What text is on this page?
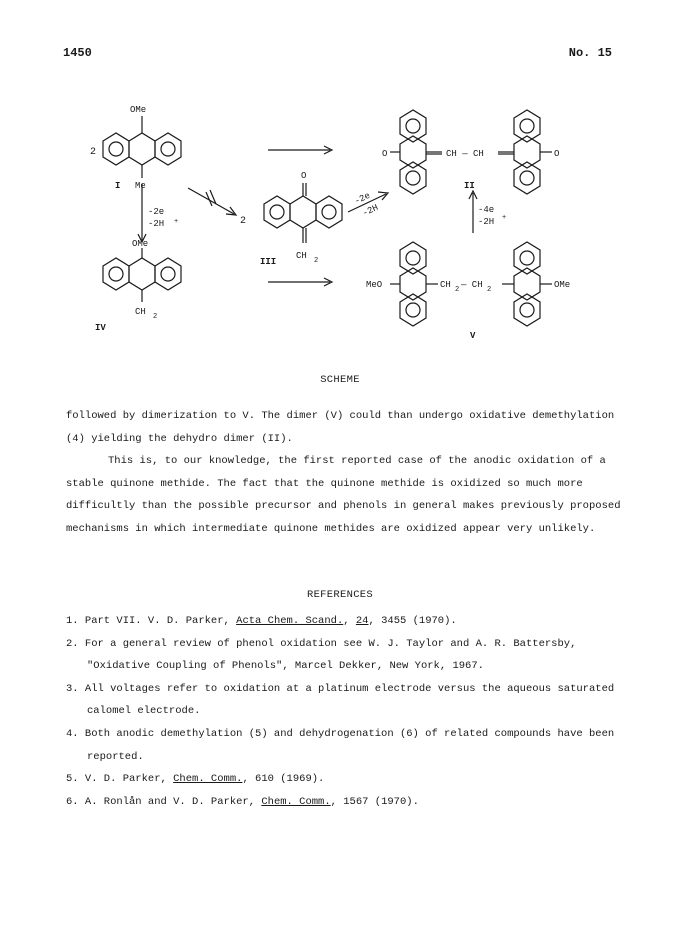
1450	No. 15
OMe
2
I Me
-2e
-2H +
OMe
IV
CH 2
2
O
III
CH 2
-2e
-2H
O	CH — CH	O
II
-4e
-2H +
MeO	CH 2 — CH 2	OMe
V
SCHEME

followed by dimerization to V. The dimer (V) could than undergo oxidative demethylation (4) yielding the dehydro dimer (II).

This is, to our knowledge, the first reported case of the anodic oxidation of a stable quinone methide. The fact that the quinone methide is oxidized so much more difficultly than the possible precursor and phenols in general makes previously proposed mechanisms in which intermediate quinone methides are oxidized appear very unlikely.

REFERENCES
1. Part VII. V. D. Parker, Acta Chem. Scand., 24, 3455 (1970).
2. For a general review of phenol oxidation see W. J. Taylor and A. R. Battersby, "Oxidative Coupling of Phenols", Marcel Dekker, New York, 1967.
3. All voltages refer to oxidation at a platinum electrode versus the aqueous saturated calomel electrode.
4. Both anodic demethylation (5) and dehydrogenation (6) of related compounds have been reported.
5. V. D. Parker, Chem. Comm., 610 (1969).
6. A. Ronlån and V. D. Parker, Chem. Comm., 1567 (1970).
